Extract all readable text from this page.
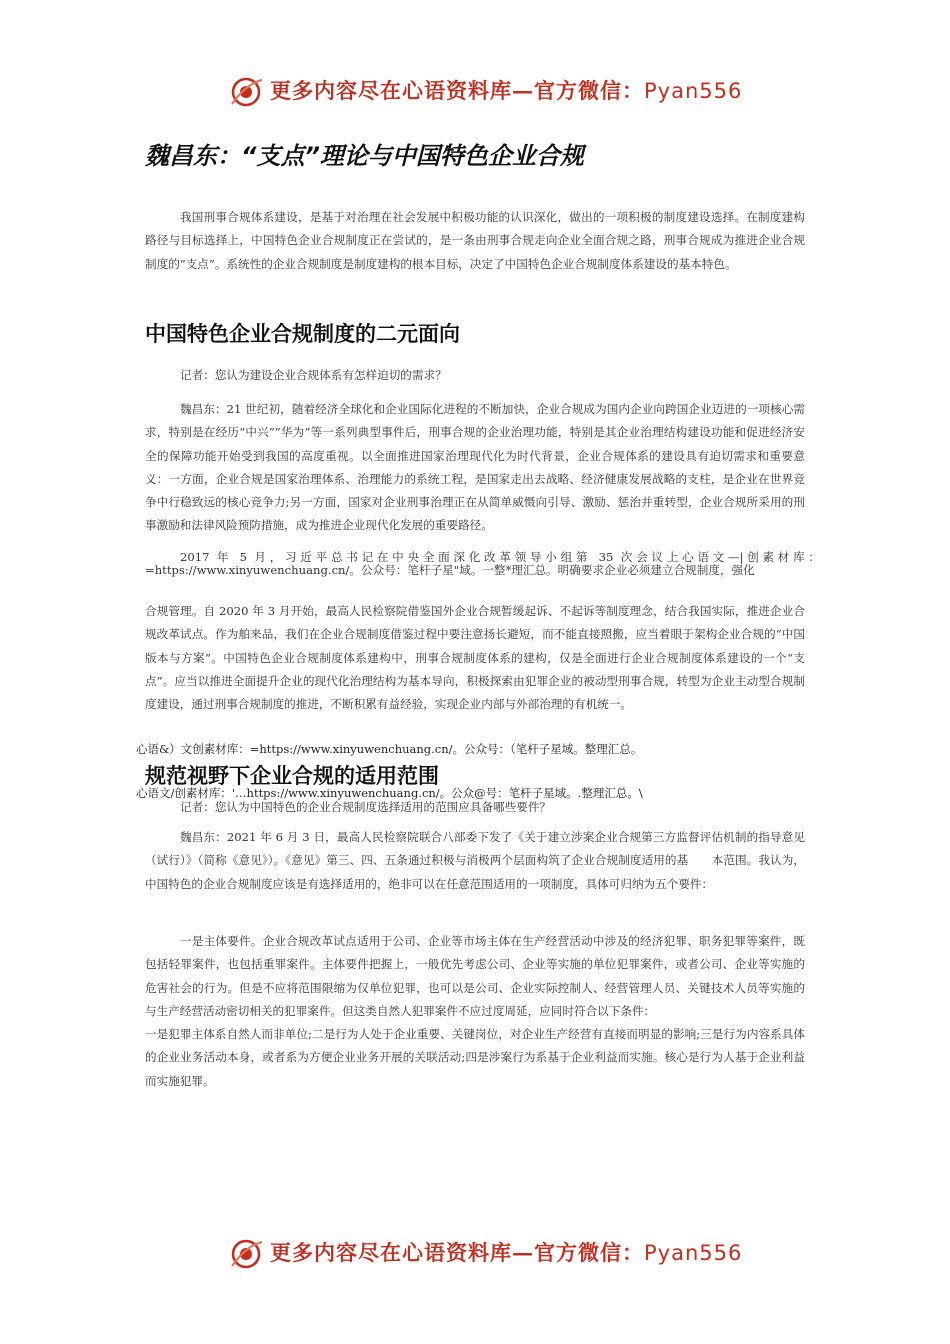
更多内容尽在心语资料库—官方微信：Pyan556
魏昌东：“支点”理论与中国特色企业合规

我国刑事合规体系建设，是基于对治理在社会发展中积极功能的认识深化，做出的一项积极的制度建设选择。在制度建构路径与目标选择上，中国特色企业合规制度正在尝试的，是一条由刑事合规走向企业全面合规之路，刑事合规成为推进企业合规制度的“支点”。系统性的企业合规制度是制度建构的根本目标，决定了中国特色企业合规制度体系建设的基本特色。

中国特色企业合规制度的二元面向

记者：您认为建设企业合规体系有怎样迫切的需求？

魏昌东：21 世纪初，随着经济全球化和企业国际化进程的不断加快，企业合规成为国内企业向跨国企业迈进的一项核心需求，特别是在经历“中兴”“华为”等一系列典型事件后，刑事合规的企业治理功能，特别是其企业治理结构建设功能和促进经济安全的保障功能开始受到我国的高度重视。以全面推进国家治理现代化为时代背景，企业合规体系的建设具有迫切需求和重要意义：一方面，企业合规是国家治理体系、治理能力的系统工程，是国家走出去战略、经济健康发展战略的支柱，是企业在世界竞争中行稳致远的核心竞争力;另一方面，国家对企业刑事治理正在从简单威慑向引导、激励、惩治并重转型，企业合规所采用的刑事激励和法律风险预防措施，成为推进企业现代化发展的重要路径。

2017 年 5 月，习近平总书记在中央全面深化改革领导小组第 35 次会议上心语文—|创素材库：=https://www.xinyuwenchuang.cn/。公众号：笔杆子星"域。一整*理汇总。明确要求企业必须建立合规制度，强化

合规管理。自 2020 年 3 月开始，最高人民检察院借鉴国外企业合规暂缓起诉、不起诉等制度理念，结合我国实际，推进企业合规改革试点。作为舶来品，我们在企业合规制度借鉴过程中要注意扬长避短，而不能直接照搬，应当着眼于架构企业合规的“中国版本与方案”。中国特色企业合规制度体系建构中，刑事合规制度体系的建构，仅是全面进行企业合规制度体系建设的一个“支点”。应当以推进全面提升企业的现代化治理结构为基本导向，积极探索由犯罪企业的被动型刑事合规，转型为企业主动型合规制度建设，通过刑事合规制度的推进，不断积累有益经验，实现企业内部与外部治理的有机统一。

心语&）文创素材库：=https://www.xinyuwenchuang.cn/。公众号：（笔杆子星域。整理汇总。
规范视野下企业合规的适用范围
心语文/创素材库：'…https://www.xinyuwenchuang.cn/。公众@号：笔杆子星域。.整理汇总。\

记者：您认为中国特色的企业合规制度选择适用的范围应具备哪些要件？

魏昌东：2021 年 6 月 3 日，最高人民检察院联合八部委下发了《关于建立涉案企业合规第三方监督评估机制的指导意见（试行）》（简称《意见》）。《意见》第三、四、五条通过积极与消极两个层面构筑了企业合规制度适用的基　　本范围。我认为，中国特色的企业合规制度应该是有选择适用的，绝非可以在任意范围适用的一项制度，具体可归纳为五个要件：

一是主体要件。企业合规改革试点适用于公司、企业等市场主体在生产经营活动中涉及的经济犯罪、职务犯罪等案件，既包括轻罪案件，也包括重罪案件。主体要件把握上，一般优先考虑公司、企业等实施的单位犯罪案件，或者公司、企业等实施的危害社会的行为。但是不应将范围限缩为仅单位犯罪，也可以是公司、企业实际控制人、经营管理人员、关键技术人员等实施的与生产经营活动密切相关的犯罪案件。但这类自然人犯罪案件不应过度周延，应同时符合以下条件：

一是犯罪主体系自然人而非单位;二是行为人处于企业重要、关键岗位，对企业生产经营有直接而明显的影响;三是行为内容系具体的企业业务活动本身，或者系为方便企业业务开展的关联活动;四是涉案行为系基于企业利益而实施。核心是行为人基于企业利益而实施犯罪。

更多内容尽在心语资料库—官方微信：Pyan556
